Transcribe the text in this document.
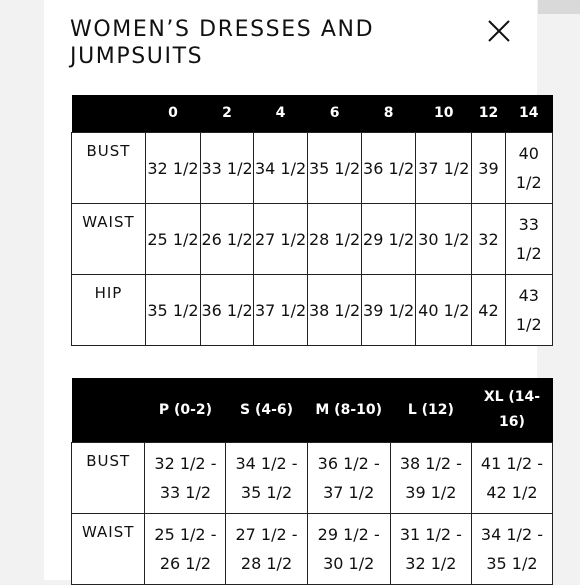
WOMEN’S DRESSES AND JUMPSUITS
	0	2	4	6	8	10	12	14
BUST	32 1/2	33 1/2	34 1/2	35 1/2	36 1/2	37 1/2	39	40 1/2
WAIST	25 1/2	26 1/2	27 1/2	28 1/2	29 1/2	30 1/2	32	33 1/2
HIP	35 1/2	36 1/2	37 1/2	38 1/2	39 1/2	40 1/2	42	43 1/2
	P (0-2)	S (4-6)	M (8-10)	L (12)	XL (14-16)
BUST	32 1/2 - 33 1/2	34 1/2 - 35 1/2	36 1/2 - 37 1/2	38 1/2 - 39 1/2	41 1/2 - 42 1/2
WAIST	25 1/2 - 26 1/2	27 1/2 - 28 1/2	29 1/2 - 30 1/2	31 1/2 - 32 1/2	34 1/2 - 35 1/2
